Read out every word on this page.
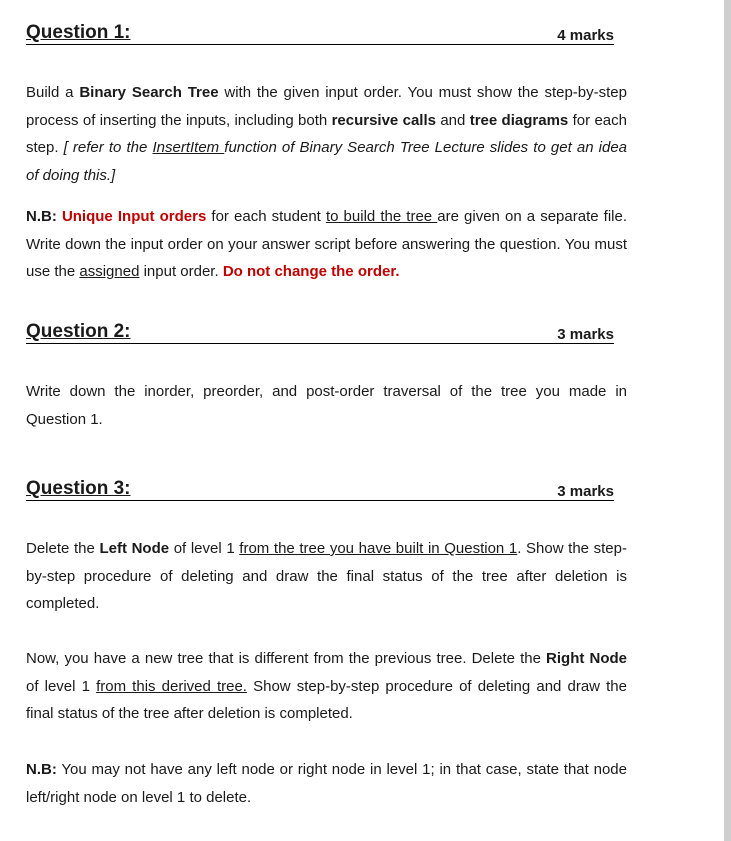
Question 1:	4 marks
Build a Binary Search Tree with the given input order. You must show the step-by-step process of inserting the inputs, including both recursive calls and tree diagrams for each step. [ refer to the InsertItem function of Binary Search Tree Lecture slides to get an idea of doing this.]
N.B: Unique Input orders for each student to build the tree are given on a separate file. Write down the input order on your answer script before answering the question. You must use the assigned input order. Do not change the order.
Question 2:	3 marks
Write down the inorder, preorder, and post-order traversal of the tree you made in Question 1.
Question 3:	3 marks
Delete the Left Node of level 1 from the tree you have built in Question 1. Show the step-by-step procedure of deleting and draw the final status of the tree after deletion is completed.
Now, you have a new tree that is different from the previous tree. Delete the Right Node of level 1 from this derived tree. Show step-by-step procedure of deleting and draw the final status of the tree after deletion is completed.
N.B: You may not have any left node or right node in level 1; in that case, state that node left/right node on level 1 to delete.
